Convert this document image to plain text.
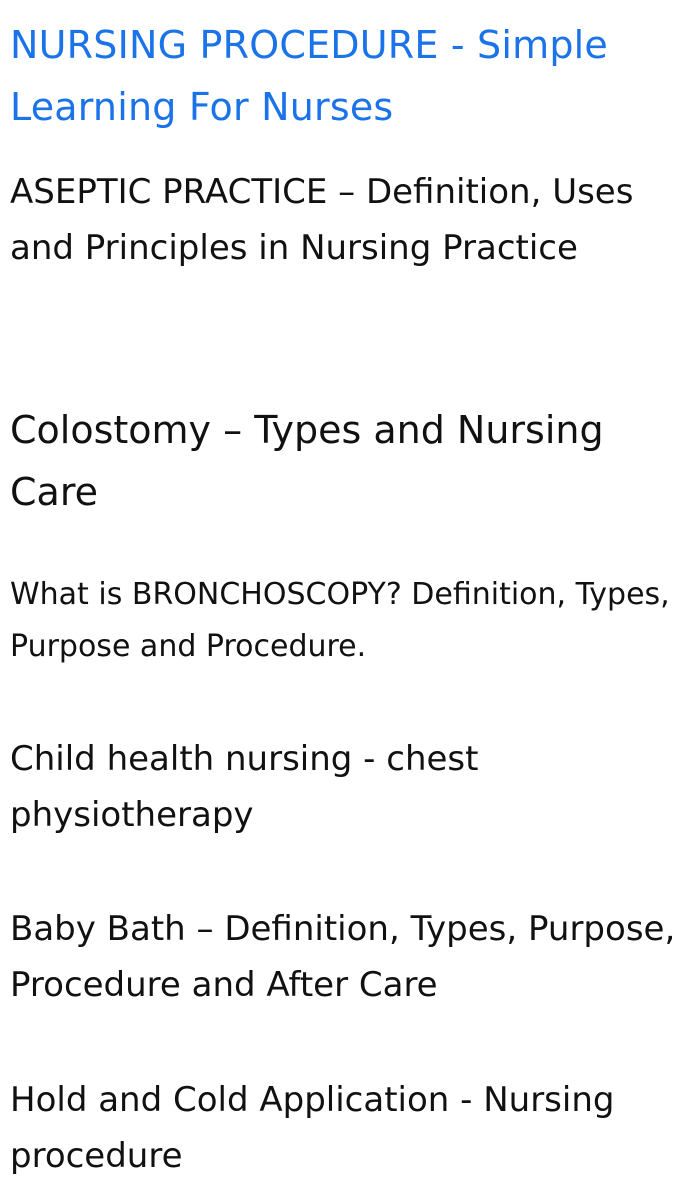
NURSING PROCEDURE - Simple Learning For Nurses
ASEPTIC PRACTICE – Definition, Uses and Principles in Nursing Practice
Colostomy – Types and Nursing Care
What is BRONCHOSCOPY? Definition, Types, Purpose and Procedure.
Child health nursing - chest physiotherapy
Baby Bath – Definition, Types, Purpose, Procedure and After Care
Hold and Cold Application - Nursing procedure
